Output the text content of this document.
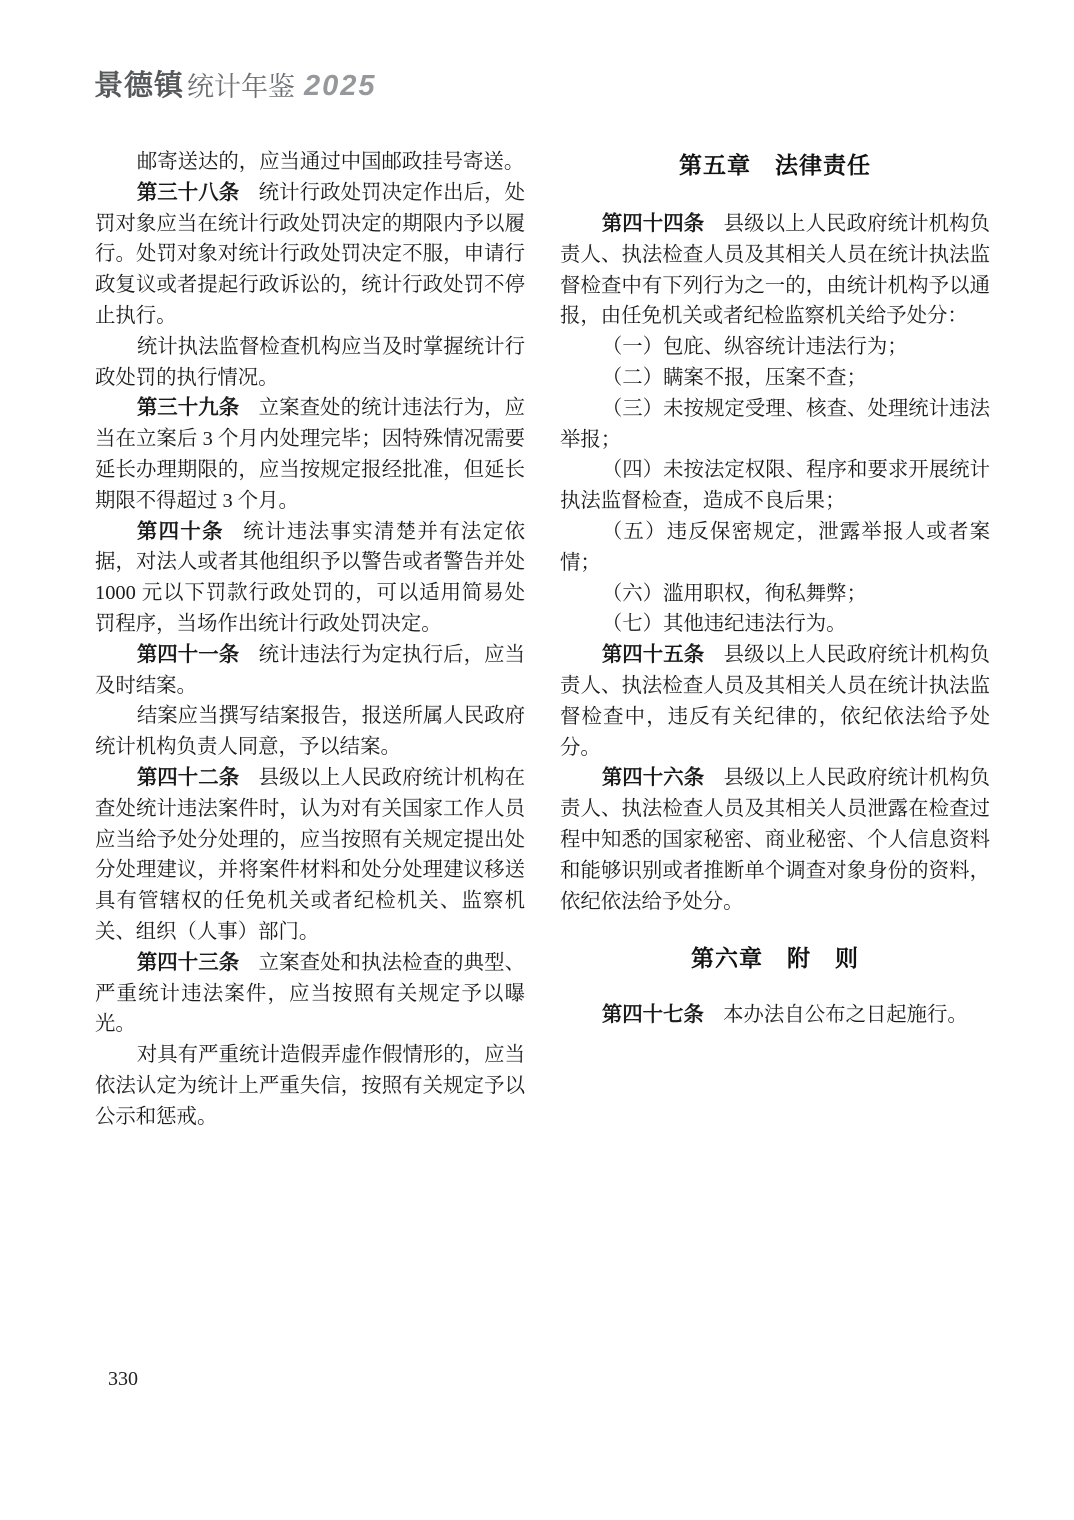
景德镇 统计年鉴 2025

邮寄送达的，应当通过中国邮政挂号寄送。

第三十八条 统计行政处罚决定作出后，处罚对象应当在统计行政处罚决定的期限内予以履行。处罚对象对统计行政处罚决定不服，申请行政复议或者提起行政诉讼的，统计行政处罚不停止执行。

统计执法监督检查机构应当及时掌握统计行政处罚的执行情况。

第三十九条 立案查处的统计违法行为，应当在立案后 3 个月内处理完毕；因特殊情况需要延长办理期限的，应当按规定报经批准，但延长期限不得超过 3 个月。

第四十条 统计违法事实清楚并有法定依据，对法人或者其他组织予以警告或者警告并处 1000 元以下罚款行政处罚的，可以适用简易处罚程序，当场作出统计行政处罚决定。

第四十一条 统计违法行为定执行后，应当及时结案。

结案应当撰写结案报告，报送所属人民政府统计机构负责人同意，予以结案。

第四十二条 县级以上人民政府统计机构在查处统计违法案件时，认为对有关国家工作人员应当给予处分处理的，应当按照有关规定提出处分处理建议，并将案件材料和处分处理建议移送具有管辖权的任免机关或者纪检机关、监察机关、组织（人事）部门。

第四十三条 立案查处和执法检查的典型、严重统计违法案件，应当按照有关规定予以曝光。

对具有严重统计造假弄虚作假情形的，应当依法认定为统计上严重失信，按照有关规定予以公示和惩戒。

第五章　法律责任

第四十四条 县级以上人民政府统计机构负责人、执法检查人员及其相关人员在统计执法监督检查中有下列行为之一的，由统计机构予以通报，由任免机关或者纪检监察机关给予处分：

（一）包庇、纵容统计违法行为；

（二）瞒案不报，压案不查；

（三）未按规定受理、核查、处理统计违法举报；

（四）未按法定权限、程序和要求开展统计执法监督检查，造成不良后果；

（五）违反保密规定，泄露举报人或者案情；

（六）滥用职权，徇私舞弊；

（七）其他违纪违法行为。

第四十五条 县级以上人民政府统计机构负责人、执法检查人员及其相关人员在统计执法监督检查中，违反有关纪律的，依纪依法给予处分。

第四十六条 县级以上人民政府统计机构负责人、执法检查人员及其相关人员泄露在检查过程中知悉的国家秘密、商业秘密、个人信息资料和能够识别或者推断单个调查对象身份的资料，依纪依法给予处分。

第六章　附　则

第四十七条 本办法自公布之日起施行。

330
